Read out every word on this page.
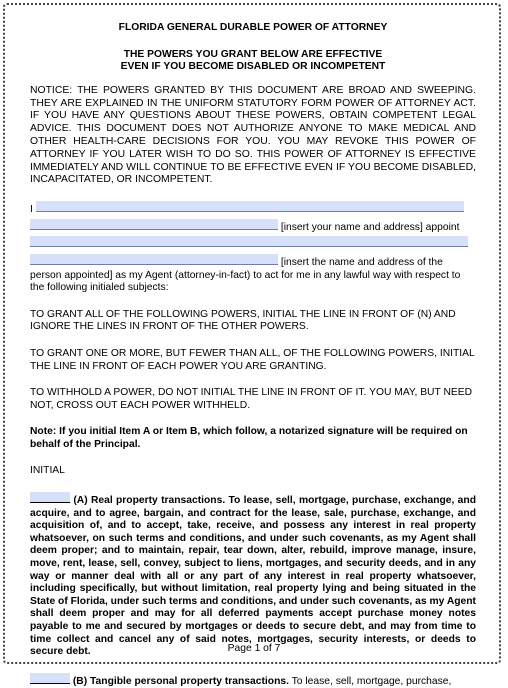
FLORIDA GENERAL DURABLE POWER OF ATTORNEY

THE POWERS YOU GRANT BELOW ARE EFFECTIVE

EVEN IF YOU BECOME DISABLED OR INCOMPETENT

NOTICE: THE POWERS GRANTED BY THIS DOCUMENT ARE BROAD AND SWEEPING. THEY ARE EXPLAINED IN THE UNIFORM STATUTORY FORM POWER OF ATTORNEY ACT. IF YOU HAVE ANY QUESTIONS ABOUT THESE POWERS, OBTAIN COMPETENT LEGAL ADVICE. THIS DOCUMENT DOES NOT AUTHORIZE ANYONE TO MAKE MEDICAL AND OTHER HEALTH-CARE DECISIONS FOR YOU. YOU MAY REVOKE THIS POWER OF ATTORNEY IF YOU LATER WISH TO DO SO. THIS POWER OF ATTORNEY IS EFFECTIVE IMMEDIATELY AND WILL CONTINUE TO BE EFFECTIVE EVEN IF YOU BECOME DISABLED, INCAPACITATED, OR INCOMPETENT.

I
[insert your name and address] appoint
[insert the name and address of the

person appointed] as my Agent (attorney-in-fact) to act for me in any lawful way with respect to the following initialed subjects:

TO GRANT ALL OF THE FOLLOWING POWERS, INITIAL THE LINE IN FRONT OF (N) AND IGNORE THE LINES IN FRONT OF THE OTHER POWERS.

TO GRANT ONE OR MORE, BUT FEWER THAN ALL, OF THE FOLLOWING POWERS, INITIAL THE LINE IN FRONT OF EACH POWER YOU ARE GRANTING.

TO WITHHOLD A POWER, DO NOT INITIAL THE LINE IN FRONT OF IT. YOU MAY, BUT NEED NOT, CROSS OUT EACH POWER WITHHELD.

Note: If you initial Item A or Item B, which follow, a notarized signature will be required on behalf of the Principal.

INITIAL

(A) Real property transactions. To lease, sell, mortgage, purchase, exchange, and acquire, and to agree, bargain, and contract for the lease, sale, purchase, exchange, and acquisition of, and to accept, take, receive, and possess any interest in real property whatsoever, on such terms and conditions, and under such covenants, as my Agent shall deem proper; and to maintain, repair, tear down, alter, rebuild, improve manage, insure, move, rent, lease, sell, convey, subject to liens, mortgages, and security deeds, and in any way or manner deal with all or any part of any interest in real property whatsoever, including specifically, but without limitation, real property lying and being situated in the State of Florida, under such terms and conditions, and under such covenants, as my Agent shall deem proper and may for all deferred payments accept purchase money notes payable to me and secured by mortgages or deeds to secure debt, and may from time to time collect and cancel any of said notes, mortgages, security interests, or deeds to secure debt.

(B) Tangible personal property transactions. To lease, sell, mortgage, purchase,

Page 1 of 7
